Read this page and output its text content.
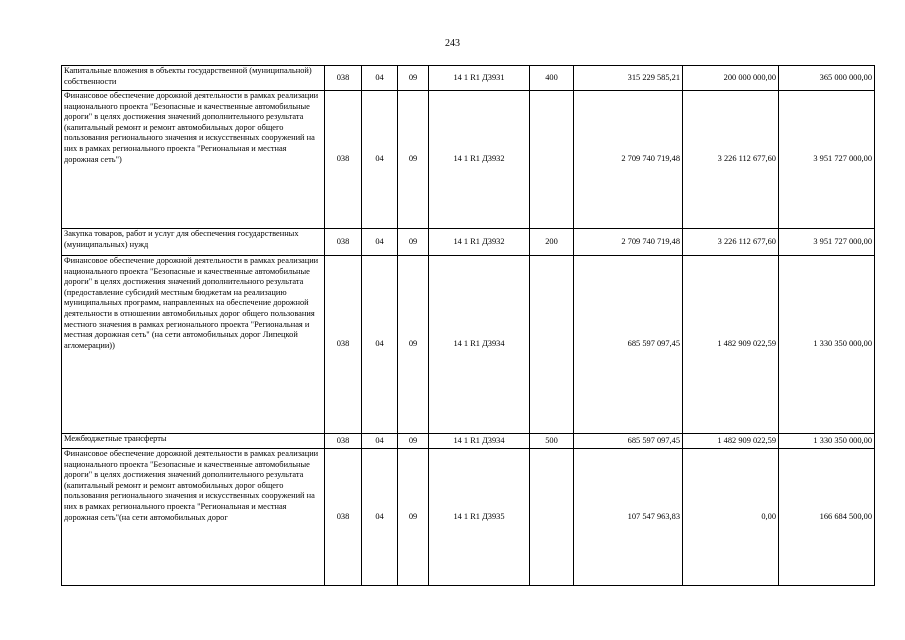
243
Капитальные вложения в объекты государственной (муниципальной) собственности	038	04	09	14 1 R1 Д3931	400	315 229 585,21	200 000 000,00	365 000 000,00
Финансовое обеспечение дорожной деятельности в рамках реализации национального проекта "Безопасные и качественные автомобильные дороги" в целях достижения значений дополнительного результата (капитальный ремонт и ремонт автомобильных дорог общего пользования регионального значения и искусственных сооружений на них в рамках регионального проекта "Региональная и местная дорожная сеть")	038	04	09	14 1 R1 Д3932		2 709 740 719,48	3 226 112 677,60	3 951 727 000,00
Закупка товаров, работ и услуг для обеспечения государственных (муниципальных) нужд	038	04	09	14 1 R1 Д3932	200	2 709 740 719,48	3 226 112 677,60	3 951 727 000,00
Финансовое обеспечение дорожной деятельности в рамках реализации национального проекта "Безопасные и качественные автомобильные дороги" в целях достижения значений дополнительного результата (предоставление субсидий местным бюджетам на реализацию муниципальных программ, направленных на обеспечение дорожной деятельности в отношении автомобильных дорог общего пользования местного значения в рамках регионального проекта "Региональная и местная дорожная сеть" (на сети автомобильных дорог Липецкой агломерации))	038	04	09	14 1 R1 Д3934		685 597 097,45	1 482 909 022,59	1 330 350 000,00
Межбюджетные трансферты	038	04	09	14 1 R1 Д3934	500	685 597 097,45	1 482 909 022,59	1 330 350 000,00
Финансовое обеспечение дорожной деятельности в рамках реализации национального проекта "Безопасные и качественные автомобильные дороги" в целях достижения значений дополнительного результата (капитальный ремонт и ремонт автомобильных дорог общего пользования регионального значения и искусственных сооружений на них в рамках регионального проекта "Региональная и местная дорожная сеть"(на сети автомобильных дорог	038	04	09	14 1 R1 Д3935		107 547 963,83	0,00	166 684 500,00
